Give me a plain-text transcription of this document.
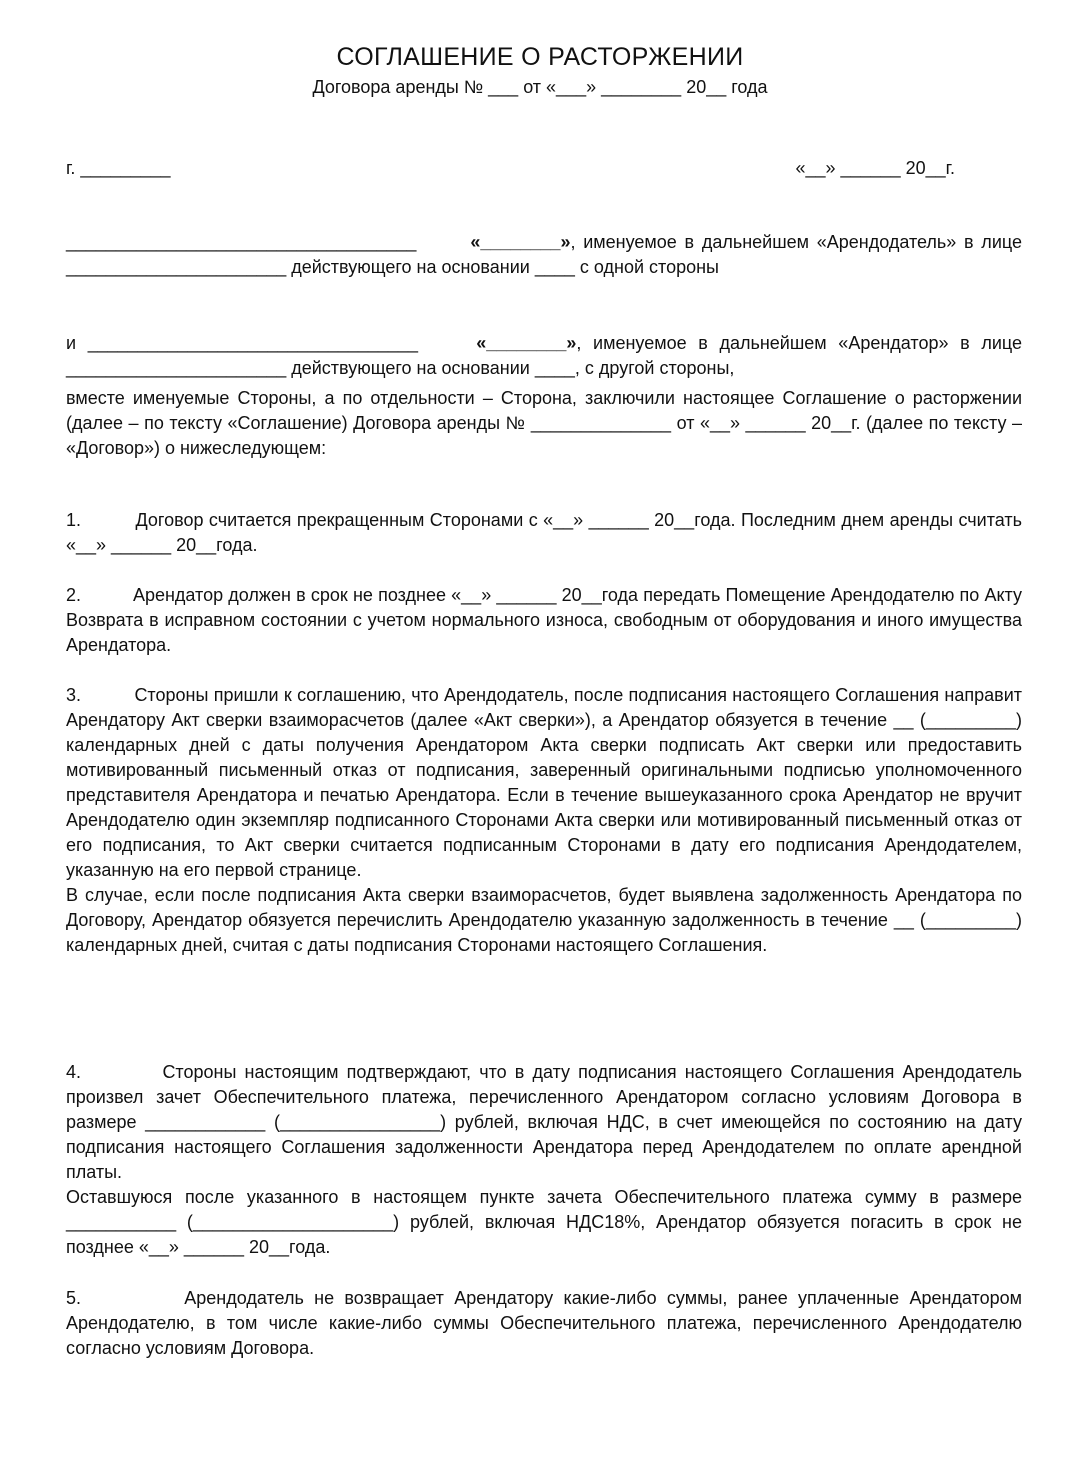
СОГЛАШЕНИЕ О РАСТОРЖЕНИИ

Договора аренды № ___ от «___» ________ 20__ года

г. _________	«__» ______ 20__г.

___________________________________	«________», именуемое в дальнейшем «Арендодатель» в лице ______________________ действующего на основании ____ с одной стороны

и _________________________________	«________», именуемое в дальнейшем «Арендатор» в лице ______________________ действующего на основании ____, с другой стороны,

вместе именуемые Стороны, а по отдельности – Сторона, заключили настоящее Соглашение о расторжении (далее – по тексту «Соглашение) Договора аренды № ______________ от «__» ______ 20__г. (далее по тексту – «Договор») о нижеследующем:

1.	Договор считается прекращенным Сторонами с «__» ______ 20__года. Последним днем аренды считать «__» ______ 20__года.

2.	Арендатор должен в срок не позднее «__» ______ 20__года передать Помещение Арендодателю по Акту Возврата в исправном состоянии с учетом нормального износа, свободным от оборудования и иного имущества Арендатора.

3.	Стороны пришли к соглашению, что Арендодатель, после подписания настоящего Соглашения направит Арендатору Акт сверки взаиморасчетов (далее «Акт сверки»), а Арендатор обязуется в течение __ (_________) календарных дней с даты получения Арендатором Акта сверки подписать Акт сверки или предоставить мотивированный письменный отказ от подписания, заверенный оригинальными подписью уполномоченного представителя Арендатора и печатью Арендатора. Если в течение вышеуказанного срока Арендатор не вручит Арендодателю один экземпляр подписанного Сторонами Акта сверки или мотивированный письменный отказ от его подписания, то Акт сверки считается подписанным Сторонами в дату его подписания Арендодателем, указанную на его первой странице.
В случае, если после подписания Акта сверки взаиморасчетов, будет выявлена задолженность Арендатора по Договору, Арендатор обязуется перечислить Арендодателю указанную задолженность в течение __ (_________) календарных дней, считая с даты подписания Сторонами настоящего Соглашения.
4.	Стороны настоящим подтверждают, что в дату подписания настоящего Соглашения Арендодатель произвел зачет Обеспечительного платежа, перечисленного Арендатором согласно условиям Договора в размере ____________ (________________) рублей, включая НДС, в счет имеющейся по состоянию на дату подписания настоящего Соглашения задолженности Арендатора перед Арендодателем по оплате арендной платы.
Оставшуюся после указанного в настоящем пункте зачета Обеспечительного платежа сумму в размере ___________ (____________________) рублей, включая НДС18%, Арендатор обязуется погасить в срок не позднее «__» ______ 20__года.

5.	Арендодатель не возвращает Арендатору какие-либо суммы, ранее уплаченные Арендатором Арендодателю, в том числе какие-либо суммы Обеспечительного платежа, перечисленного Арендодателю согласно условиям Договора.
